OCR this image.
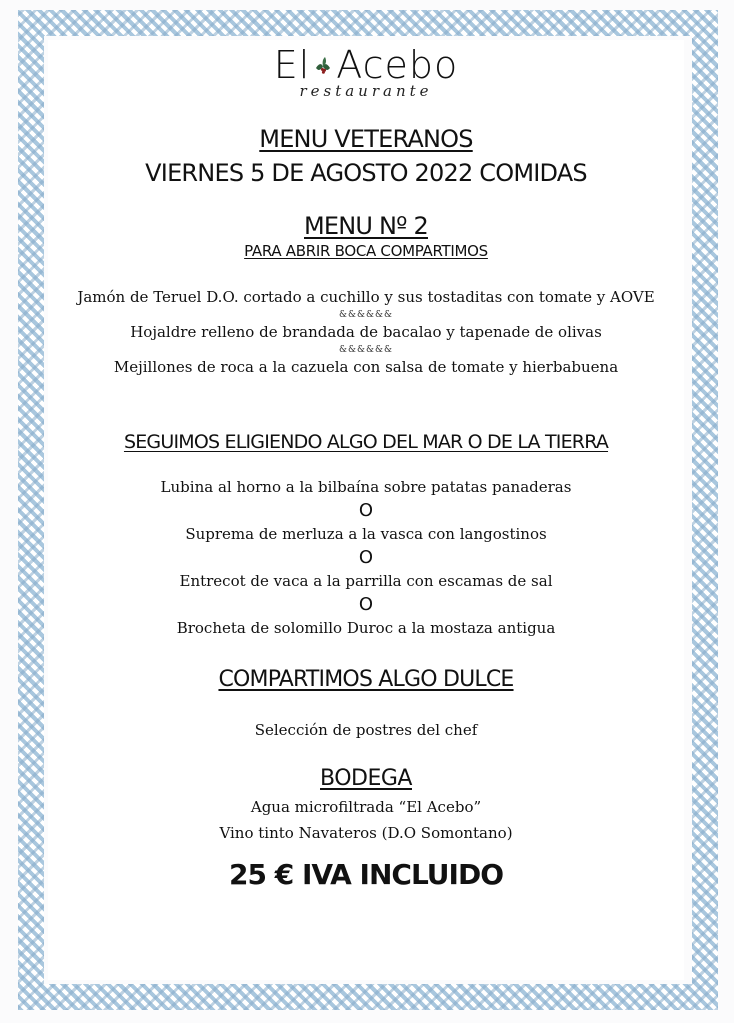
El Acebo
restaurante
MENU VETERANOS
VIERNES 5 DE AGOSTO 2022 COMIDAS
MENU Nº 2
PARA ABRIR BOCA COMPARTIMOS
Jamón de Teruel D.O. cortado a cuchillo y sus tostaditas con tomate y AOVE
&&&&&&
Hojaldre relleno de brandada de bacalao y tapenade de olivas
&&&&&&
Mejillones de roca a la cazuela con salsa de tomate y hierbabuena
SEGUIMOS ELIGIENDO ALGO DEL MAR O DE LA TIERRA
Lubina al horno a la bilbaína sobre patatas panaderas
O
Suprema de merluza a la vasca con langostinos
O
Entrecot de vaca a la parrilla con escamas de sal
O
Brocheta de solomillo Duroc a la mostaza antigua
COMPARTIMOS ALGO DULCE
Selección de postres del chef
BODEGA
Agua microfiltrada “El Acebo”
Vino tinto Navateros (D.O Somontano)
25 € IVA INCLUIDO
